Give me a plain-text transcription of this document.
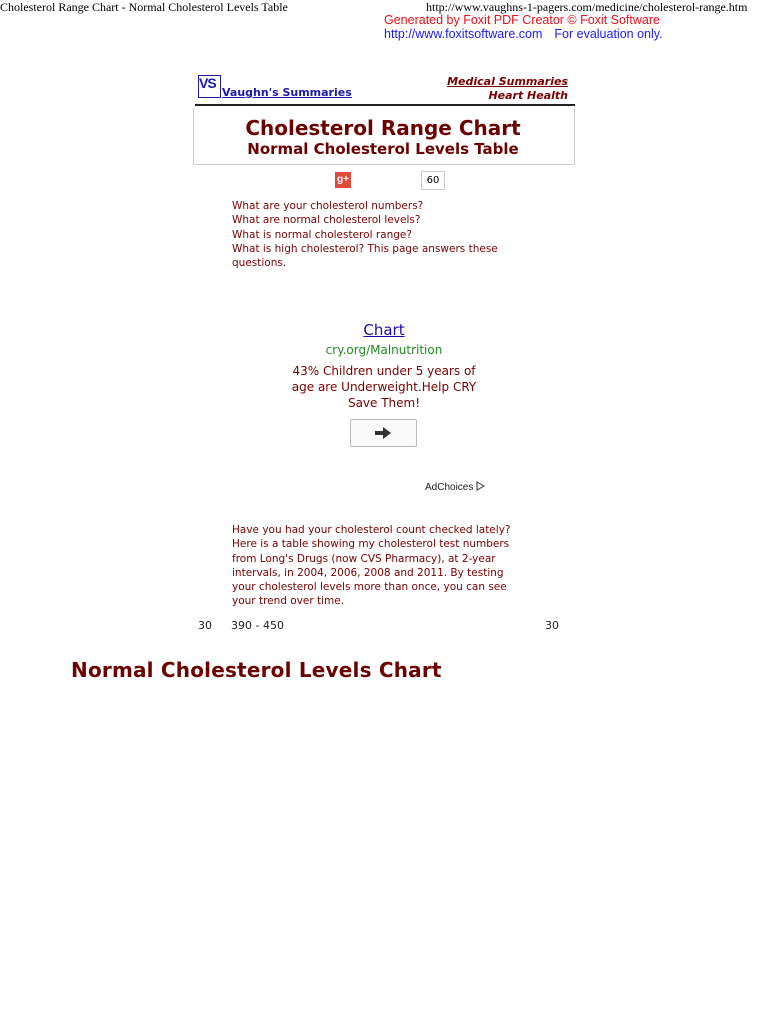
Cholesterol Range Chart - Normal Cholesterol Levels Table	http://www.vaughns-1-pagers.com/medicine/cholesterol-range.htm
Generated by Foxit PDF Creator © Foxit Software
http://www.foxitsoftware.com For evaluation only.
VS
Vaughn's Summaries
Medical Summaries
Heart Health
Cholesterol Range Chart
Normal Cholesterol Levels Table
g+	60
What are your cholesterol numbers?
What are normal cholesterol levels?
What is normal cholesterol range?
What is high cholesterol? This page answers these
questions.
Chart
cry.org/Malnutrition
43% Children under 5 years of age are Underweight.Help CRY Save Them!
AdChoices
Have you had your cholesterol count checked lately?
Here is a table showing my cholesterol test numbers
from Long's Drugs (now CVS Pharmacy), at 2-year
intervals, in 2004, 2006, 2008 and 2011. By testing
your cholesterol levels more than once, you can see
your trend over time.
30 390 - 450	30
Normal Cholesterol Levels Chart
